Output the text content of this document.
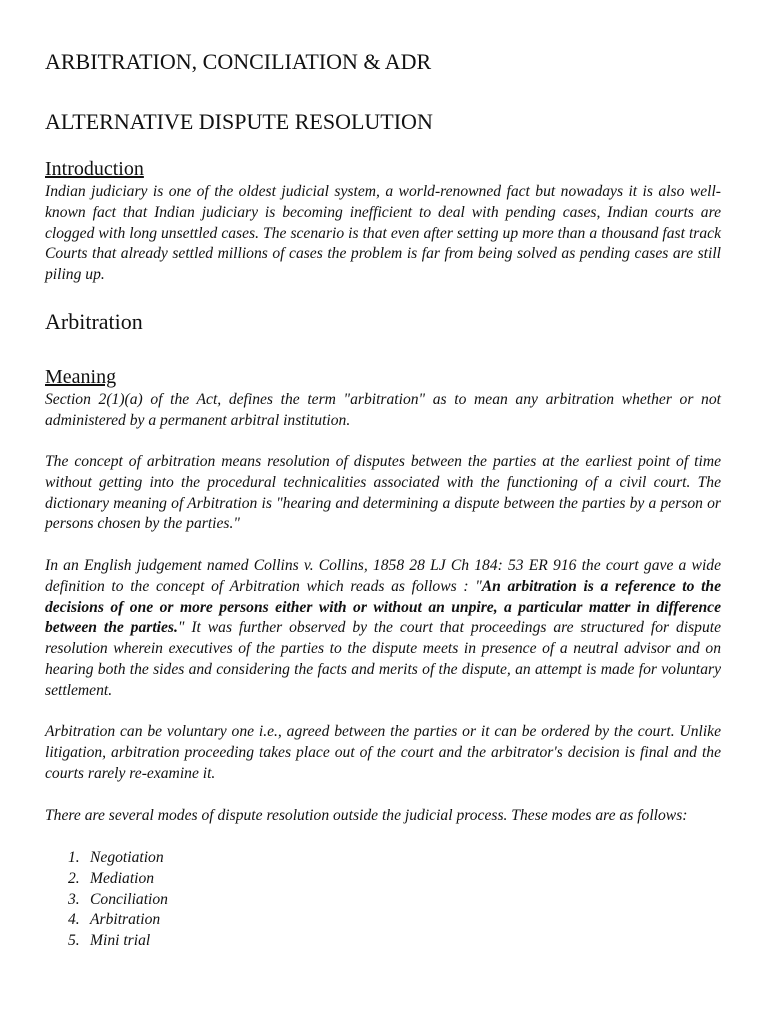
ARBITRATION, CONCILIATION & ADR
ALTERNATIVE DISPUTE RESOLUTION
Introduction

Indian judiciary is one of the oldest judicial system, a world-renowned fact but nowadays it is also well-known fact that Indian judiciary is becoming inefficient to deal with pending cases, Indian courts are clogged with long unsettled cases. The scenario is that even after setting up more than a thousand fast track Courts that already settled millions of cases the problem is far from being solved as pending cases are still piling up.

Arbitration
Meaning

Section 2(1)(a) of the Act, defines the term "arbitration" as to mean any arbitration whether or not administered by a permanent arbitral institution.

The concept of arbitration means resolution of disputes between the parties at the earliest point of time without getting into the procedural technicalities associated with the functioning of a civil court. The dictionary meaning of Arbitration is "hearing and determining a dispute between the parties by a person or persons chosen by the parties."

In an English judgement named Collins v. Collins, 1858 28 LJ Ch 184: 53 ER 916 the court gave a wide definition to the concept of Arbitration which reads as follows : "An arbitration is a reference to the decisions of one or more persons either with or without an unpire, a particular matter in difference between the parties." It was further observed by the court that proceedings are structured for dispute resolution wherein executives of the parties to the dispute meets in presence of a neutral advisor and on hearing both the sides and considering the facts and merits of the dispute, an attempt is made for voluntary settlement.

Arbitration can be voluntary one i.e., agreed between the parties or it can be ordered by the court. Unlike litigation, arbitration proceeding takes place out of the court and the arbitrator's decision is final and the courts rarely re-examine it.

There are several modes of dispute resolution outside the judicial process. These modes are as follows:

1. Negotiation
2. Mediation
3. Conciliation
4. Arbitration
5. Mini trial
